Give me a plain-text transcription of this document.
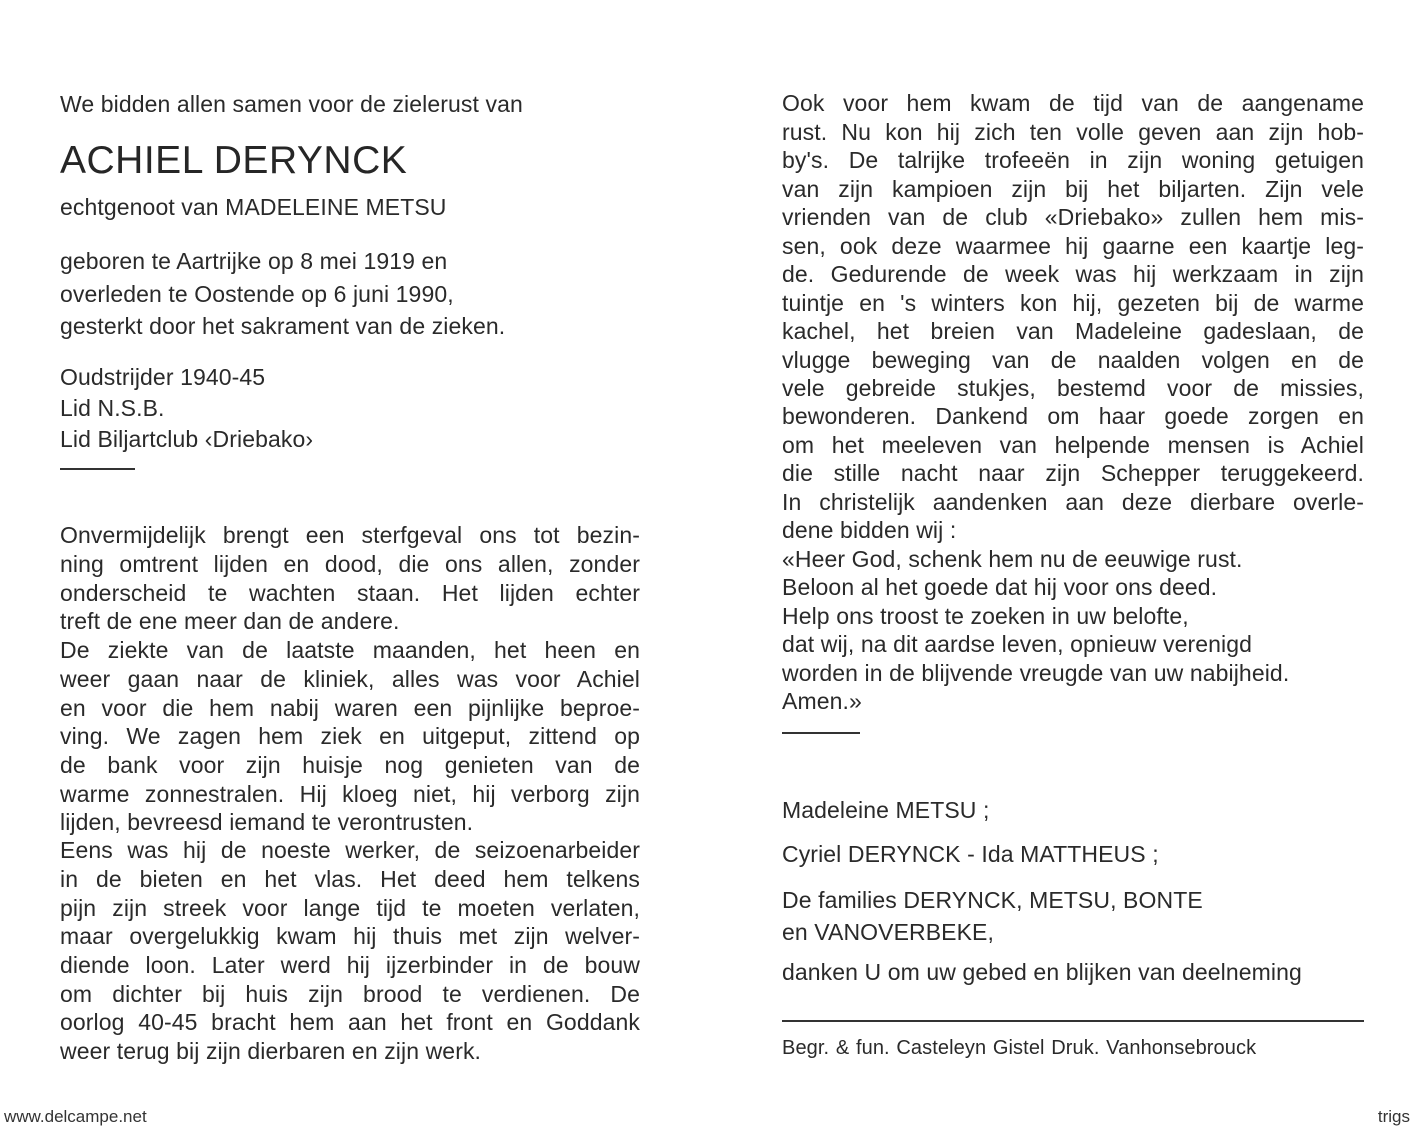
We bidden allen samen voor de zielerust van
ACHIEL DERYNCK
echtgenoot van MADELEINE METSU
geboren te Aartrijke op 8 mei 1919 en
overleden te Oostende op 6 juni 1990,
gesterkt door het sakrament van de zieken.
Oudstrijder 1940-45
Lid N.S.B.
Lid Biljartclub ‹Driebako›
Onvermijdelijk brengt een sterfgeval ons tot bezin-
ning omtrent lijden en dood, die ons allen, zonder
onderscheid te wachten staan. Het lijden echter
treft de ene meer dan de andere.
De ziekte van de laatste maanden, het heen en
weer gaan naar de kliniek, alles was voor Achiel
en voor die hem nabij waren een pijnlijke beproe-
ving. We zagen hem ziek en uitgeput, zittend op
de bank voor zijn huisje nog genieten van de
warme zonnestralen. Hij kloeg niet, hij verborg zijn
lijden, bevreesd iemand te verontrusten.
Eens was hij de noeste werker, de seizoenarbeider
in de bieten en het vlas. Het deed hem telkens
pijn zijn streek voor lange tijd te moeten verlaten,
maar overgelukkig kwam hij thuis met zijn welver-
diende loon. Later werd hij ijzerbinder in de bouw
om dichter bij huis zijn brood te verdienen. De
oorlog 40-45 bracht hem aan het front en Goddank
weer terug bij zijn dierbaren en zijn werk.
Ook voor hem kwam de tijd van de aangename
rust. Nu kon hij zich ten volle geven aan zijn hob-
by's. De talrijke trofeeën in zijn woning getuigen
van zijn kampioen zijn bij het biljarten. Zijn vele
vrienden van de club «Driebako» zullen hem mis-
sen, ook deze waarmee hij gaarne een kaartje leg-
de. Gedurende de week was hij werkzaam in zijn
tuintje en 's winters kon hij, gezeten bij de warme
kachel, het breien van Madeleine gadeslaan, de
vlugge beweging van de naalden volgen en de
vele gebreide stukjes, bestemd voor de missies,
bewonderen. Dankend om haar goede zorgen en
om het meeleven van helpende mensen is Achiel
die stille nacht naar zijn Schepper teruggekeerd.
In christelijk aandenken aan deze dierbare overle-
dene bidden wij :
«Heer God, schenk hem nu de eeuwige rust.
Beloon al het goede dat hij voor ons deed.
Help ons troost te zoeken in uw belofte,
dat wij, na dit aardse leven, opnieuw verenigd
worden in de blijvende vreugde van uw nabijheid.
Amen.»
Madeleine METSU ;
Cyriel DERYNCK - Ida MATTHEUS ;
De families DERYNCK, METSU, BONTE
en VANOVERBEKE,
danken U om uw gebed en blijken van deelneming
Begr. & fun. Casteleyn Gistel Druk. Vanhonsebrouck
www.delcampe.net	trigs
